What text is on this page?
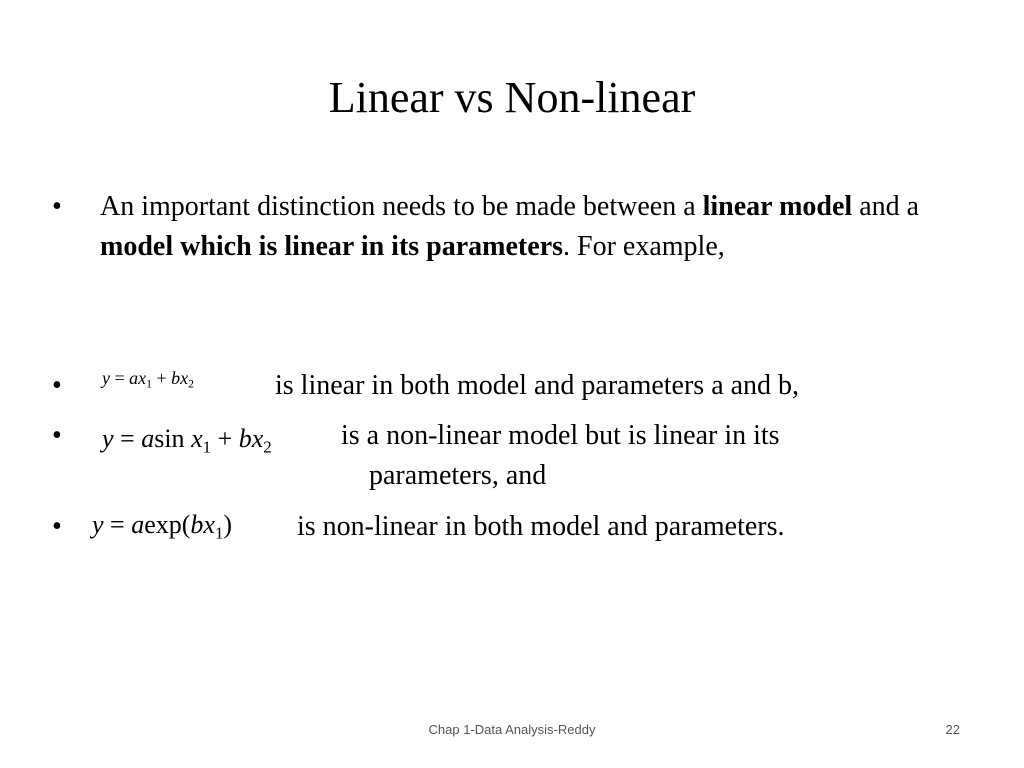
Linear vs Non-linear
• An important distinction needs to be made between a linear model and a model which is linear in its parameters. For example,
• $y = ax_1 + bx_2$	is linear in both model and parameters a and b,
• y = asin $x_1 + bx_2$ is a non-linear model but is linear in its
parameters, and
• $y = aexp(bx_1)$ is non-linear in both model and parameters.
Chap 1-Data Analysis-Reddy	22
